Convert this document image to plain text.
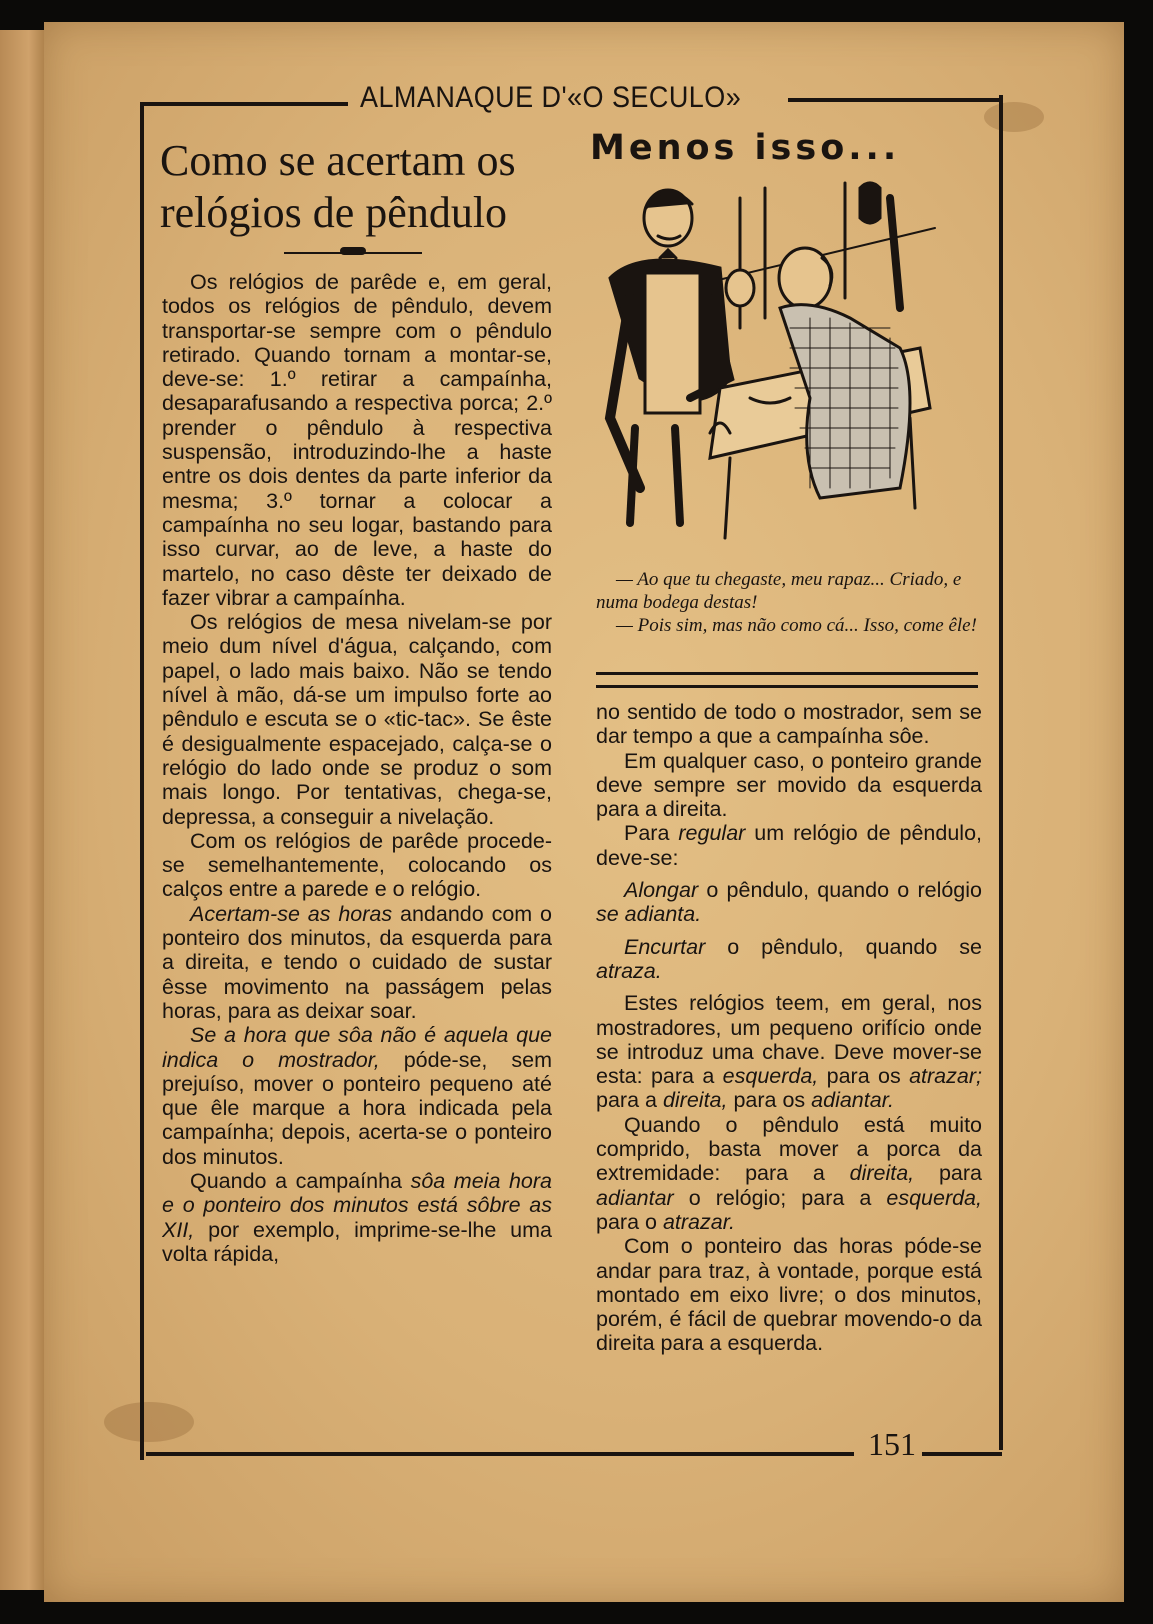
ALMANAQUE D'«O SECULO»
Como se acertam os
relógios de pêndulo

Os relógios de parêde e, em geral, todos os relógios de pêndulo, devem transportar-se sempre com o pêndulo retirado. Quando tornam a montar-se, deve-se: 1.º retirar a campaínha, desaparafusando a respectiva porca; 2.º prender o pêndulo à respectiva suspensão, introduzindo-lhe a haste entre os dois dentes da parte inferior da mesma; 3.º tornar a colocar a campaínha no seu logar, bastando para isso curvar, ao de leve, a haste do martelo, no caso dêste ter deixado de fazer vibrar a campaínha.

Os relógios de mesa nivelam-se por meio dum nível d'água, calçando, com papel, o lado mais baixo. Não se tendo nível à mão, dá-se um impulso forte ao pêndulo e escuta se o «tic-tac». Se êste é desigualmente espacejado, calça-se o relógio do lado onde se produz o som mais longo. Por tentativas, chega-se, depressa, a conseguir a nivelação.

Com os relógios de parêde procede-se semelhantemente, colocando os calços entre a parede e o relógio.

Acertam-se as horas andando com o ponteiro dos minutos, da esquerda para a direita, e tendo o cuidado de sustar êsse movimento na passágem pelas horas, para as deixar soar.

Se a hora que sôa não é aquela que indica o mostrador, póde-se, sem prejuíso, mover o ponteiro pequeno até que êle marque a hora indicada pela campaínha; depois, acerta-se o ponteiro dos minutos.

Quando a campaínha sôa meia hora e o ponteiro dos minutos está sôbre as XII, por exemplo, imprime-se-lhe uma volta rápida,

Menos isso...

— Ao que tu chegaste, meu rapaz... Criado, e numa bodega destas!

— Pois sim, mas não como cá... Isso, come êle!

no sentido de todo o mostrador, sem se dar tempo a que a campaínha sôe.

Em qualquer caso, o ponteiro grande deve sempre ser movido da esquerda para a direita.

Para regular um relógio de pêndulo, deve-se:

Alongar o pêndulo, quando o relógio se adianta.

Encurtar o pêndulo, quando se atraza.

Estes relógios teem, em geral, nos mostradores, um pequeno orifício onde se introduz uma chave. Deve mover-se esta: para a esquerda, para os atrazar; para a direita, para os adiantar.

Quando o pêndulo está muito comprido, basta mover a porca da extremidade: para a direita, para adiantar o relógio; para a esquerda, para o atrazar.

Com o ponteiro das horas póde-se andar para traz, à vontade, porque está montado em eixo livre; o dos minutos, porém, é fácil de quebrar movendo-o da direita para a esquerda.

151
